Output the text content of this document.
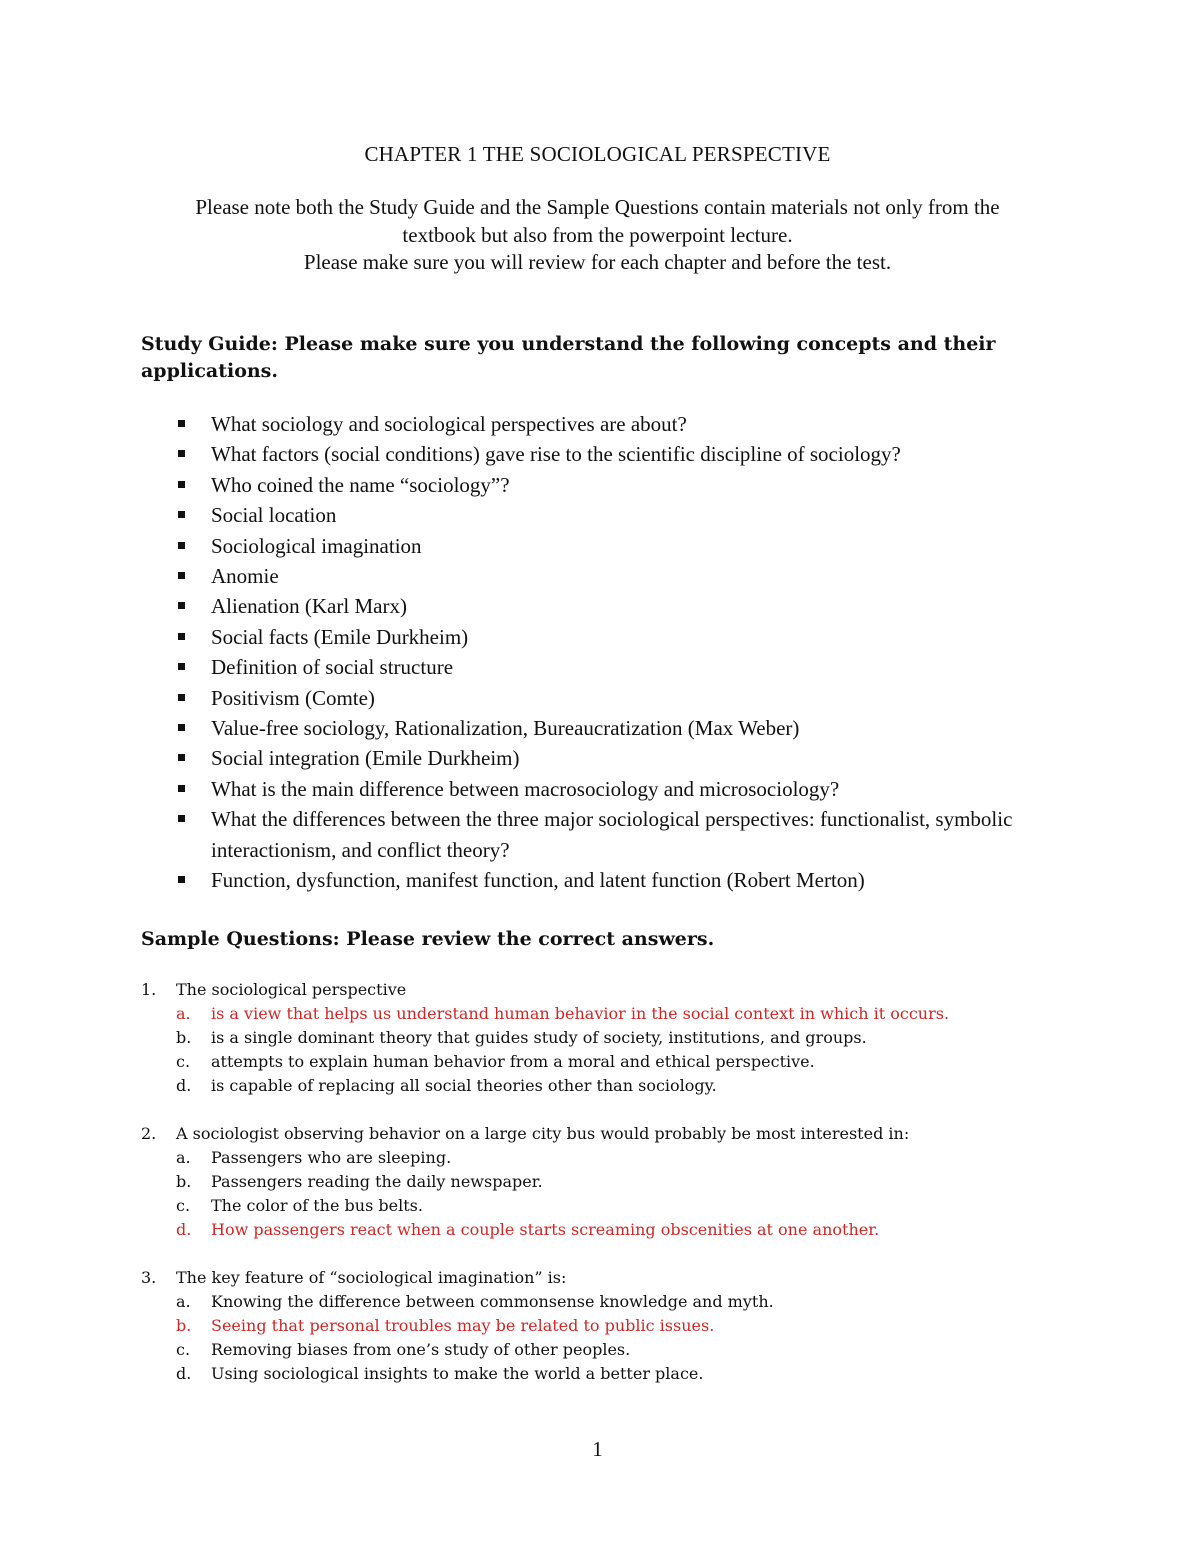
CHAPTER 1 THE SOCIOLOGICAL PERSPECTIVE
Please note both the Study Guide and the Sample Questions contain materials not only from the
textbook but also from the powerpoint lecture.
Please make sure you will review for each chapter and before the test.
Study Guide: Please make sure you understand the following concepts and their applications.
What sociology and sociological perspectives are about?
What factors (social conditions) gave rise to the scientific discipline of sociology?
Who coined the name “sociology”?
Social location
Sociological imagination
Anomie
Alienation (Karl Marx)
Social facts (Emile Durkheim)
Definition of social structure
Positivism (Comte)
Value-free sociology, Rationalization, Bureaucratization (Max Weber)
Social integration (Emile Durkheim)
What is the main difference between macrosociology and microsociology?
What the differences between the three major sociological perspectives: functionalist, symbolic interactionism, and conflict theory?
Function, dysfunction, manifest function, and latent function (Robert Merton)
Sample Questions: Please review the correct answers.
1. The sociological perspective
a. is a view that helps us understand human behavior in the social context in which it occurs.
b. is a single dominant theory that guides study of society, institutions, and groups.
c. attempts to explain human behavior from a moral and ethical perspective.
d. is capable of replacing all social theories other than sociology.
2. A sociologist observing behavior on a large city bus would probably be most interested in:
a. Passengers who are sleeping.
b. Passengers reading the daily newspaper.
c. The color of the bus belts.
d. How passengers react when a couple starts screaming obscenities at one another.
3. The key feature of “sociological imagination” is:
a. Knowing the difference between commonsense knowledge and myth.
b. Seeing that personal troubles may be related to public issues.
c. Removing biases from one’s study of other peoples.
d. Using sociological insights to make the world a better place.
1
